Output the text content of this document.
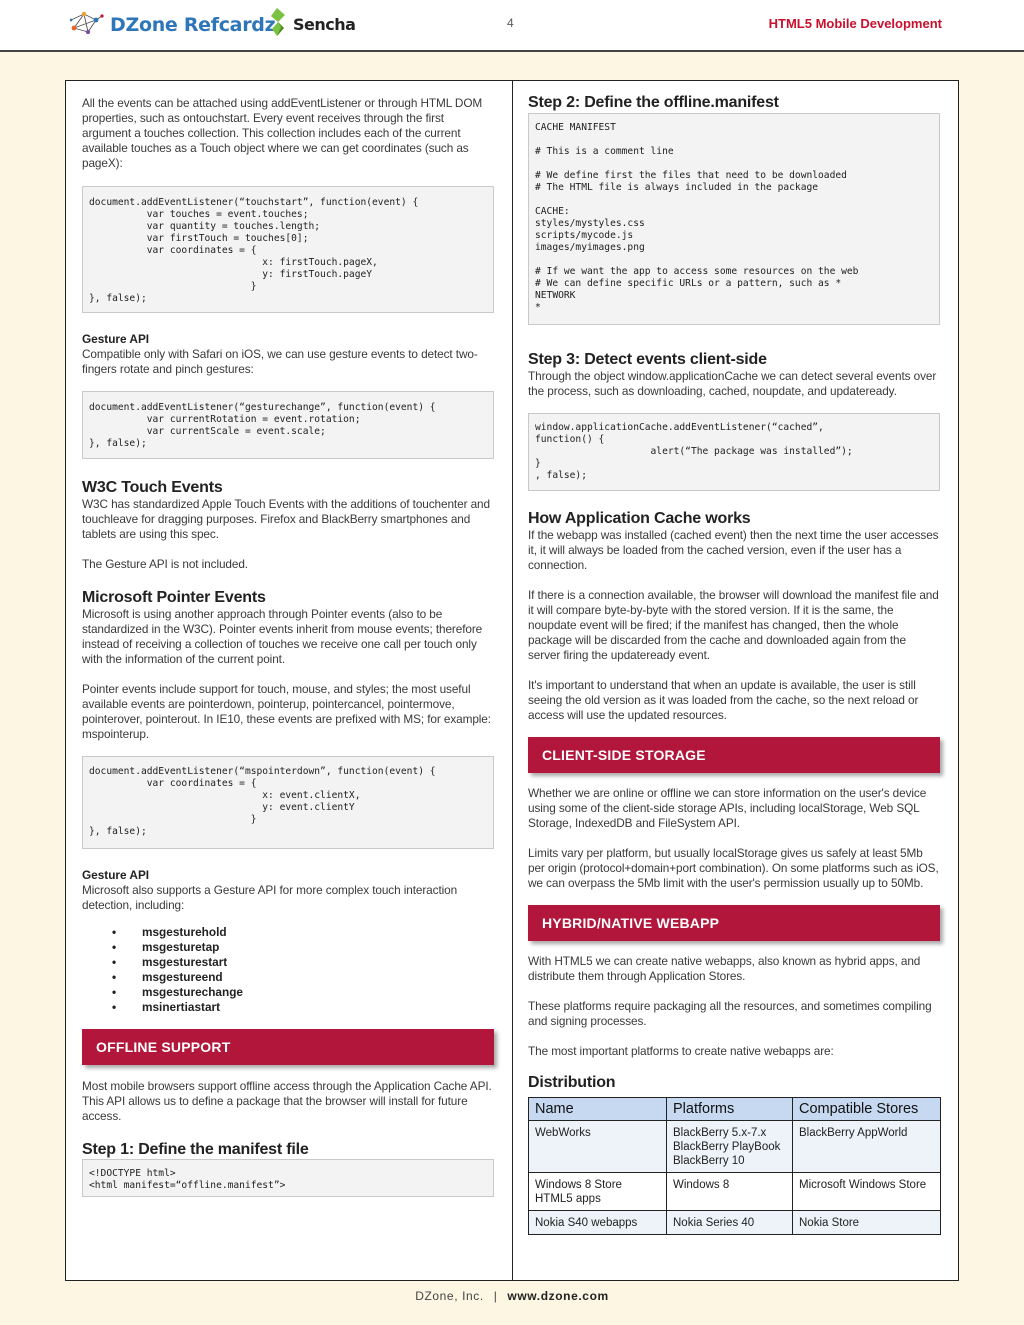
DZone Refcardz Sencha	4	HTML5 Mobile Development

All the events can be attached using addEventListener or through HTML DOM properties, such as ontouchstart. Every event receives through the first argument a touches collection. This collection includes each of the current available touches as a Touch object where we can get coordinates (such as pageX):

document.addEventListener(“touchstart”, function(event) {
var touches = event.touches;
var quantity = touches.length;
var firstTouch = touches[0];
var coordinates = {
x: firstTouch.pageX,
y: firstTouch.pageY
}
}, false);
Gesture API

Compatible only with Safari on iOS, we can use gesture events to detect two-fingers rotate and pinch gestures:

document.addEventListener(“gesturechange”, function(event) {
var currentRotation = event.rotation;
var currentScale = event.scale;
}, false);
W3C Touch Events

W3C has standardized Apple Touch Events with the additions of touchenter and touchleave for dragging purposes. Firefox and BlackBerry smartphones and tablets are using this spec.

The Gesture API is not included.

Microsoft Pointer Events

Microsoft is using another approach through Pointer events (also to be standardized in the W3C). Pointer events inherit from mouse events; therefore instead of receiving a collection of touches we receive one call per touch only with the information of the current point.

Pointer events include support for touch, mouse, and styles; the most useful available events are pointerdown, pointerup, pointercancel, pointermove, pointerover, pointerout. In IE10, these events are prefixed with MS; for example: mspointerup.

document.addEventListener(“mspointerdown”, function(event) {
var coordinates = {
x: event.clientX,
y: event.clientY
}
}, false);
Gesture API

Microsoft also supports a Gesture API for more complex touch interaction detection, including:

• msgesturehold
• msgesturetap
• msgesturestart
• msgestureend
• msgesturechange
• msinertiastart
OFFLINE SUPPORT

Most mobile browsers support offline access through the Application Cache API. This API allows us to define a package that the browser will install for future access.

Step 1: Define the manifest file
<!DOCTYPE html>
<html manifest=“offline.manifest”>
Step 2: Define the offline.manifest
CACHE MANIFEST

# This is a comment line

# We define first the files that need to be downloaded
# The HTML file is always included in the package

CACHE:
styles/mystyles.css
scripts/mycode.js
images/myimages.png

# If we want the app to access some resources on the web
# We can define specific URLs or a pattern, such as *
NETWORK
*
Step 3: Detect events client-side

Through the object window.applicationCache we can detect several events over the process, such as downloading, cached, noupdate, and updateready.

window.applicationCache.addEventListener(“cached”,
function() {
alert(“The package was installed”);
}
, false);
How Application Cache works

If the webapp was installed (cached event) then the next time the user accesses it, it will always be loaded from the cached version, even if the user has a connection.

If there is a connection available, the browser will download the manifest file and it will compare byte-by-byte with the stored version. If it is the same, the noupdate event will be fired; if the manifest has changed, then the whole package will be discarded from the cache and downloaded again from the server firing the updateready event.

It's important to understand that when an update is available, the user is still seeing the old version as it was loaded from the cache, so the next reload or access will use the updated resources.

CLIENT-SIDE STORAGE

Whether we are online or offline we can store information on the user's device using some of the client-side storage APIs, including localStorage, Web SQL Storage, IndexedDB and FileSystem API.

Limits vary per platform, but usually localStorage gives us safely at least 5Mb per origin (protocol+domain+port combination). On some platforms such as iOS, we can overpass the 5Mb limit with the user's permission usually up to 50Mb.

HYBRID/NATIVE WEBAPP

With HTML5 we can create native webapps, also known as hybrid apps, and distribute them through Application Stores.

These platforms require packaging all the resources, and sometimes compiling and signing processes.

The most important platforms to create native webapps are:

Distribution
Name	Platforms	Compatible Stores
WebWorks	BlackBerry 5.x-7.x
BlackBerry PlayBook
BlackBerry 10	BlackBerry AppWorld
Windows 8 Store
HTML5 apps	Windows 8	Microsoft Windows Store
Nokia S40 webapps	Nokia Series 40	Nokia Store
DZone, Inc. | www.dzone.com
